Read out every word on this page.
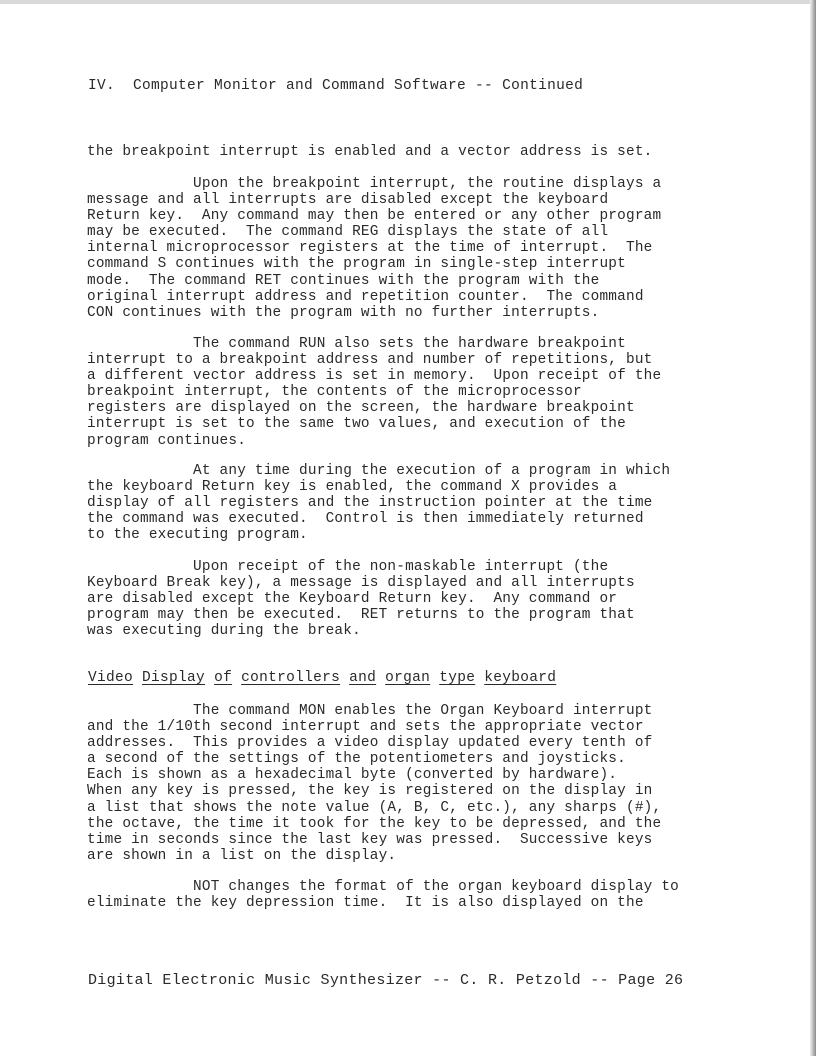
IV.  Computer Monitor and Command Software -- Continued
the breakpoint interrupt is enabled and a vector address is set.
Upon the breakpoint interrupt, the routine displays a
message and all interrupts are disabled except the keyboard
Return key.  Any command may then be entered or any other program
may be executed.  The command REG displays the state of all
internal microprocessor registers at the time of interrupt.  The
command S continues with the program in single-step interrupt
mode.  The command RET continues with the program with the
original interrupt address and repetition counter.  The command
CON continues with the program with no further interrupts.
The command RUN also sets the hardware breakpoint
interrupt to a breakpoint address and number of repetitions, but
a different vector address is set in memory.  Upon receipt of the
breakpoint interrupt, the contents of the microprocessor
registers are displayed on the screen, the hardware breakpoint
interrupt is set to the same two values, and execution of the
program continues.
At any time during the execution of a program in which
the keyboard Return key is enabled, the command X provides a
display of all registers and the instruction pointer at the time
the command was executed.  Control is then immediately returned
to the executing program.
Upon receipt of the non-maskable interrupt (the
Keyboard Break key), a message is displayed and all interrupts
are disabled except the Keyboard Return key.  Any command or
program may then be executed.  RET returns to the program that
was executing during the break.
Video Display of controllers and organ type keyboard
The command MON enables the Organ Keyboard interrupt
and the 1/10th second interrupt and sets the appropriate vector
addresses.  This provides a video display updated every tenth of
a second of the settings of the potentiometers and joysticks.
Each is shown as a hexadecimal byte (converted by hardware).
When any key is pressed, the key is registered on the display in
a list that shows the note value (A, B, C, etc.), any sharps (#),
the octave, the time it took for the key to be depressed, and the
time in seconds since the last key was pressed.  Successive keys
are shown in a list on the display.
NOT changes the format of the organ keyboard display to
eliminate the key depression time.  It is also displayed on the
Digital Electronic Music Synthesizer -- C. R. Petzold -- Page 26
